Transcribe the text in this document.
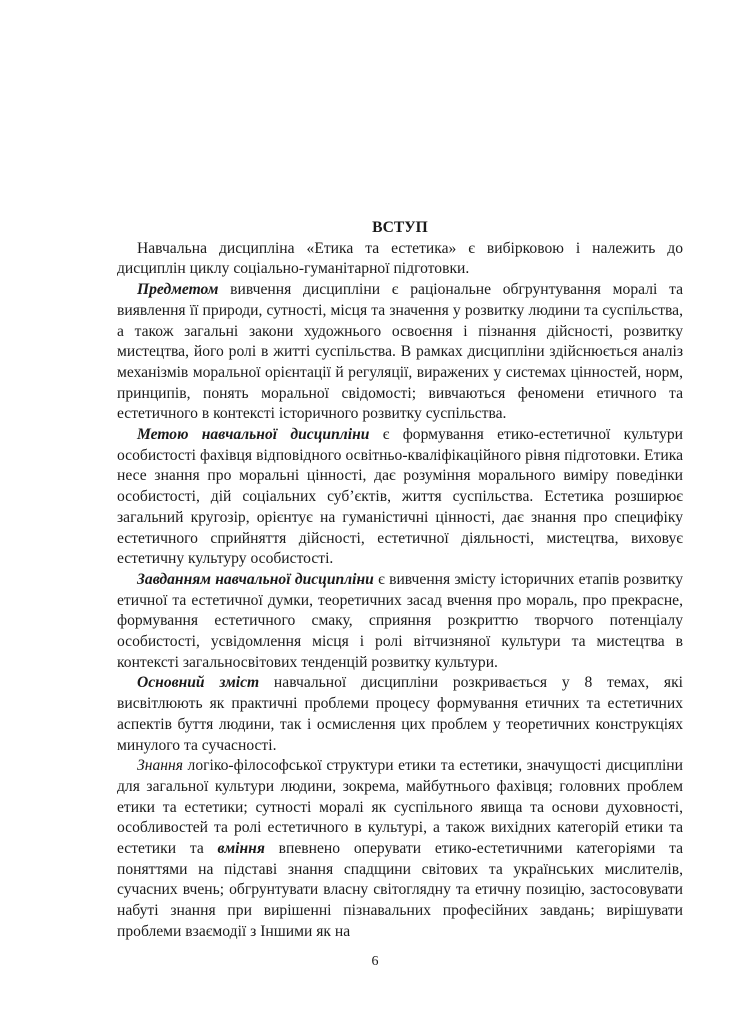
ВСТУП

Навчальна дисципліна «Етика та естетика» є вибірковою і належить до дисциплін циклу соціально-гуманітарної підготовки.

Предметом вивчення дисципліни є раціональне обгрунтування моралі та виявлення її природи, сутності, місця та значення у розвитку людини та суспільства, а також загальні закони художнього освоєння і пізнання дійсності, розвитку мистецтва, його ролі в житті суспільства. В рамках дисципліни здійснюється аналіз механізмів моральної орієнтації й регуляції, виражених у системах цінностей, норм, принципів, понять моральної свідомості; вивчаються феномени етичного та естетичного в контексті історичного розвитку суспільства.

Метою навчальної дисципліни є формування етико-естетичної культури особистості фахівця відповідного освітньо-кваліфікаційного рівня підготовки. Етика несе знання про моральні цінності, дає розуміння морального виміру поведінки особистості, дій соціальних суб’єктів, життя суспільства. Естетика розширює загальний кругозір, орієнтує на гуманістичні цінності, дає знання про специфіку естетичного сприйняття дійсності, естетичної діяльності, мистецтва, виховує естетичну культуру особистості.

Завданням навчальної дисципліни є вивчення змісту історичних етапів розвитку етичної та естетичної думки, теоретичних засад вчення про мораль, про прекрасне, формування естетичного смаку, сприяння розкриттю творчого потенціалу особистості, усвідомлення місця і ролі вітчизняної культури та мистецтва в контексті загальносвітових тенденцій розвитку культури.

Основний зміст навчальної дисципліни розкривається у 8 темах, які висвітлюють як практичні проблеми процесу формування етичних та естетичних аспектів буття людини, так і осмислення цих проблем у теоретичних конструкціях минулого та сучасності.

Знання логіко-філософської структури етики та естетики, значущості дисципліни для загальної культури людини, зокрема, майбутнього фахівця; головних проблем етики та естетики; сутності моралі як суспільного явища та основи духовності, особливостей та ролі естетичного в культурі, а також вихідних категорій етики та естетики та вміння впевнено оперувати етико-естетичними категоріями та поняттями на підставі знання спадщини світових та українських мислителів, сучасних вчень; обгрунтувати власну світоглядну та етичну позицію, застосовувати набуті знання при вирішенні пізнавальних професійних завдань; вирішувати проблеми взаємодії з Іншими як на

6
